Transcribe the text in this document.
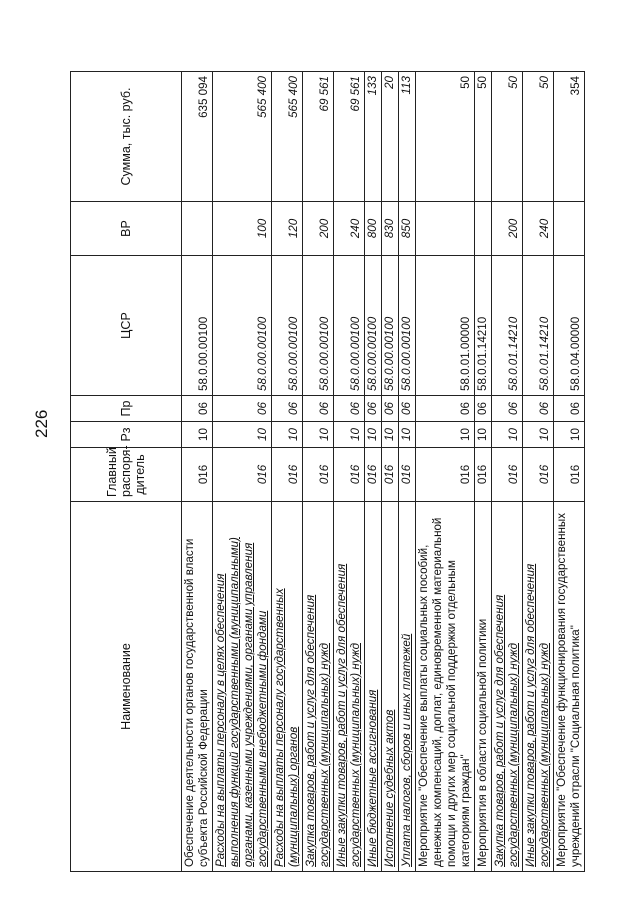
226
Наименование	Главный распоря-дитель	Рз	Пр	ЦСР	ВР	Сумма, тыс. руб.
Обеспечение деятельности органов государственной власти субъекта Российской Федерации	016	10	06	58.0.00.00100		635 094
Расходы на выплаты персоналу в целях обеспечения выполнения функций государственными (муниципальными) органами, казенными учреждениями, органами управления государственными внебюджетными фондами	016	10	06	58.0.00.00100	100	565 400
Расходы на выплаты персоналу государственных (муниципальных) органов	016	10	06	58.0.00.00100	120	565 400
Закупка товаров, работ и услуг для обеспечения государственных (муниципальных) нужд	016	10	06	58.0.00.00100	200	69 561
Иные закупки товаров, работ и услуг для обеспечения государственных (муниципальных) нужд	016	10	06	58.0.00.00100	240	69 561
Иные бюджетные ассигнования	016	10	06	58.0.00.00100	800	133
Исполнение судебных актов	016	10	06	58.0.00.00100	830	20
Уплата налогов, сборов и иных платежей	016	10	06	58.0.00.00100	850	113
Мероприятие "Обеспечение выплаты социальных пособий, денежных компенсаций, доплат, единовременной материальной помощи и других мер социальной поддержки отдельным категориям граждан"	016	10	06	58.0.01.00000		50
Мероприятия в области социальной политики	016	10	06	58.0.01.14210		50
Закупка товаров, работ и услуг для обеспечения государственных (муниципальных) нужд	016	10	06	58.0.01.14210	200	50
Иные закупки товаров, работ и услуг для обеспечения государственных (муниципальных) нужд	016	10	06	58.0.01.14210	240	50
Мероприятие "Обеспечение функционирования государственных учреждений отрасли "Социальная политика"	016	10	06	58.0.04.00000		354
